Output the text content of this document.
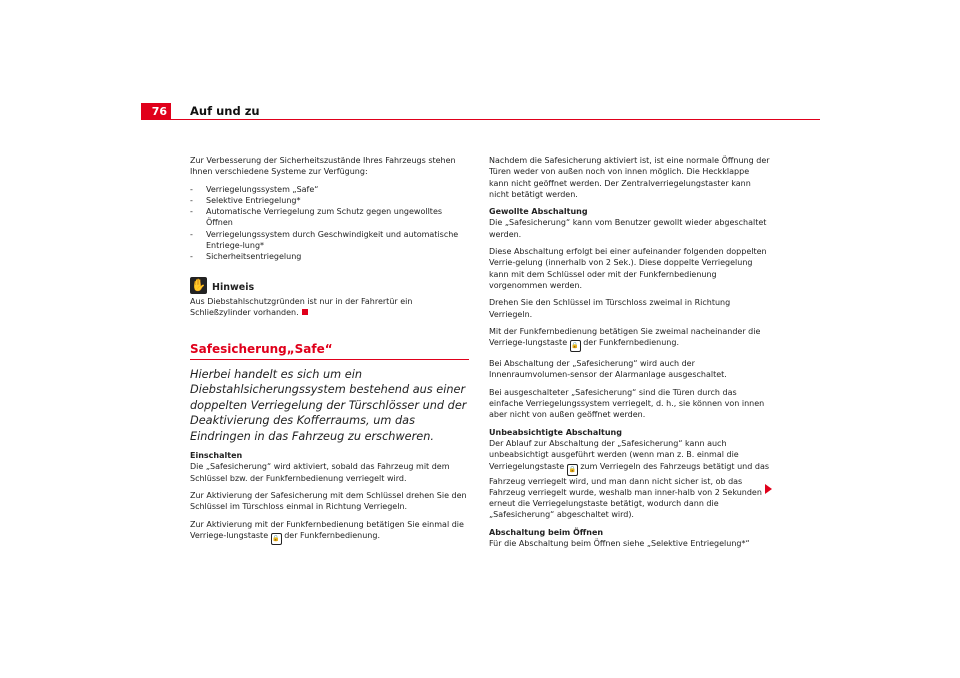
76	Auf und zu

Zur Verbesserung der Sicherheitszustände Ihres Fahrzeugs stehen Ihnen verschiedene Systeme zur Verfügung:

- Verriegelungssystem „Safe“
- Selektive Entriegelung*
- Automatische Verriegelung zum Schutz gegen ungewolltes Öffnen
- Verriegelungssystem durch Geschwindigkeit und automatische Entriege-lung*
- Sicherheitsentriegelung
✋ Hinweis

Aus Diebstahlschutzgründen ist nur in der Fahrertür ein Schließzylinder vorhanden.

Safesicherung„Safe“
Hierbei handelt es sich um ein Diebstahlsicherungssystem bestehend aus einer doppelten Verriegelung der Türschlösser und der Deaktivierung des Kofferraums, um das Eindringen in das Fahrzeug zu erschweren.

Einschalten

Die „Safesicherung“ wird aktiviert, sobald das Fahrzeug mit dem Schlüssel bzw. der Funkfernbedienung verriegelt wird.

Zur Aktivierung der Safesicherung mit dem Schlüssel drehen Sie den Schlüssel im Türschloss einmal in Richtung Verriegeln.

Zur Aktivierung mit der Funkfernbedienung betätigen Sie einmal die Verriege-lungstaste 🔒 der Funkfernbedienung.

Nachdem die Safesicherung aktiviert ist, ist eine normale Öffnung der Türen weder von außen noch von innen möglich. Die Heckklappe kann nicht geöffnet werden. Der Zentralverriegelungstaster kann nicht betätigt werden.

Gewollte Abschaltung

Die „Safesicherung“ kann vom Benutzer gewollt wieder abgeschaltet werden.

Diese Abschaltung erfolgt bei einer aufeinander folgenden doppelten Verrie-gelung (innerhalb von 2 Sek.). Diese doppelte Verriegelung kann mit dem Schlüssel oder mit der Funkfernbedienung vorgenommen werden.

Drehen Sie den Schlüssel im Türschloss zweimal in Richtung Verriegeln.

Mit der Funkfernbedienung betätigen Sie zweimal nacheinander die Verriege-lungstaste 🔒 der Funkfernbedienung.

Bei Abschaltung der „Safesicherung“ wird auch der Innenraumvolumen-sensor der Alarmanlage ausgeschaltet.

Bei ausgeschalteter „Safesicherung“ sind die Türen durch das einfache Verriegelungssystem verriegelt, d. h., sie können von innen aber nicht von außen geöffnet werden.

Unbeabsichtigte Abschaltung

Der Ablauf zur Abschaltung der „Safesicherung“ kann auch unbeabsichtigt ausgeführt werden (wenn man z. B. einmal die Verriegelungstaste 🔒 zum Verriegeln des Fahrzeugs betätigt und das Fahrzeug verriegelt wird, und man dann nicht sicher ist, ob das Fahrzeug verriegelt wurde, weshalb man inner-halb von 2 Sekunden erneut die Verriegelungstaste betätigt, wodurch dann die „Safesicherung“ abgeschaltet wird).

Abschaltung beim Öffnen

Für die Abschaltung beim Öffnen siehe „Selektive Entriegelung*“
